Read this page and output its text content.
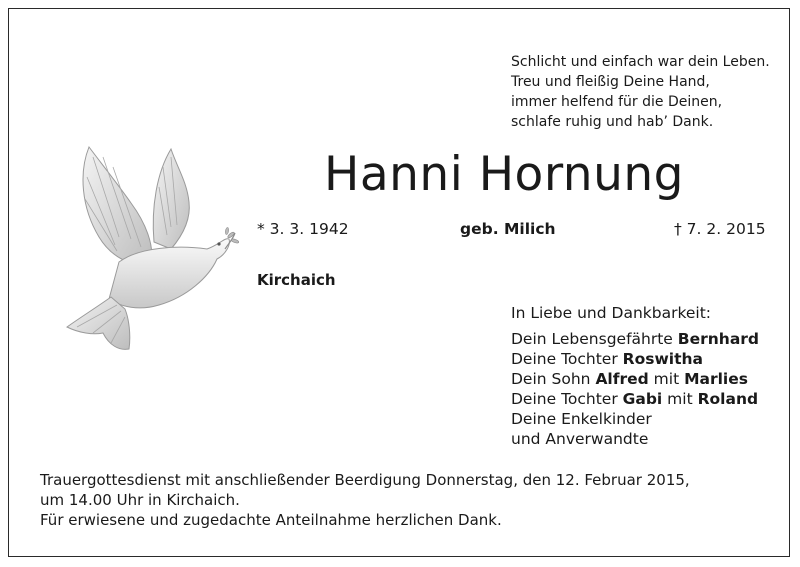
Schlicht und einfach war dein Leben.
Treu und fleißig Deine Hand,
immer helfend für die Deinen,
schlafe ruhig und hab’ Dank.
Hanni Hornung
* 3. 3. 1942	geb. Milich	† 7. 2. 2015
Kirchaich
In Liebe und Dankbarkeit:
Dein Lebensgefährte Bernhard
Deine Tochter Roswitha
Dein Sohn Alfred mit Marlies
Deine Tochter Gabi mit Roland
Deine Enkelkinder
und Anverwandte
Trauergottesdienst mit anschließender Beerdigung Donnerstag, den 12. Februar 2015,
um 14.00 Uhr in Kirchaich.
Für erwiesene und zugedachte Anteilnahme herzlichen Dank.
